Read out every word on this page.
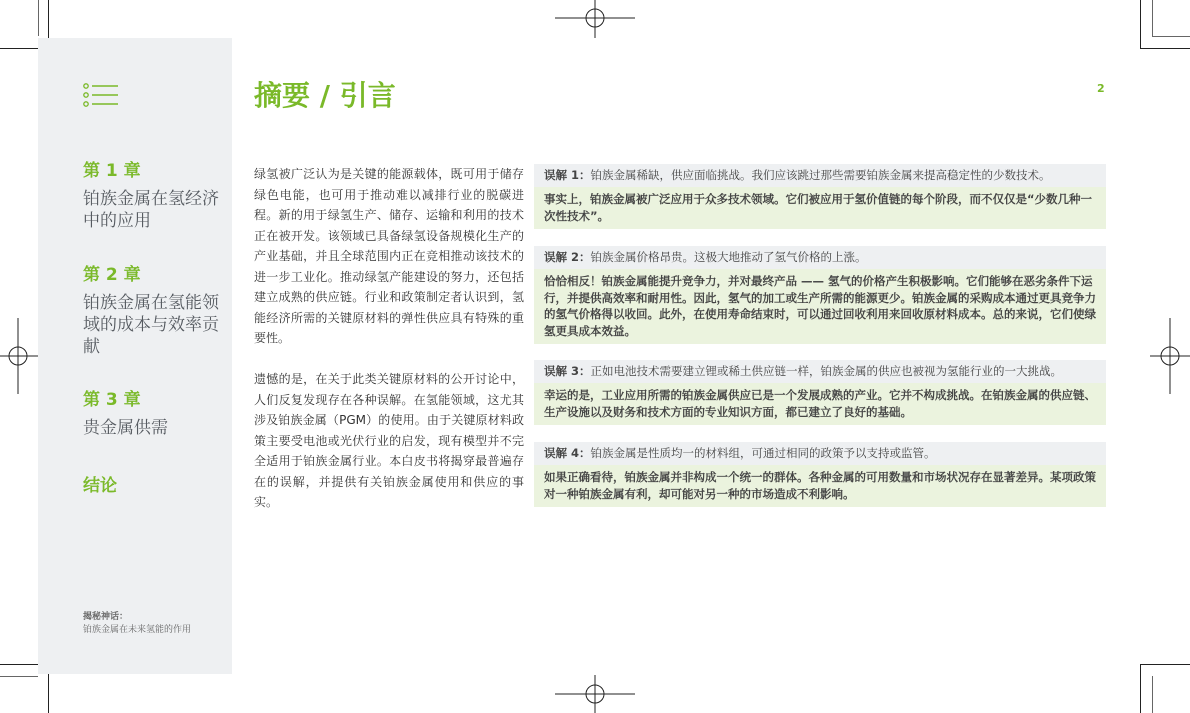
第 1 章
铂族金属在氢经济中的应用
第 2 章
铂族金属在氢能领域的成本与效率贡献
第 3 章
贵金属供需
结论
揭秘神话：
铂族金属在未来氢能的作用
摘要 / 引言	2
绿氢被广泛认为是关键的能源载体，既可用于储存绿色电能，也可用于推动难以减排行业的脱碳进程。新的用于绿氢生产、储存、运输和利用的技术正在被开发。该领域已具备绿氢设备规模化生产的产业基础，并且全球范围内正在竞相推动该技术的进一步工业化。推动绿氢产能建设的努力，还包括建立成熟的供应链。行业和政策制定者认识到，氢能经济所需的关键原材料的弹性供应具有特殊的重要性。
遗憾的是，在关于此类关键原材料的公开讨论中，人们反复发现存在各种误解。在氢能领域，这尤其涉及铂族金属（PGM）的使用。由于关键原材料政策主要受电池或光伏行业的启发，现有模型并不完全适用于铂族金属行业。本白皮书将揭穿最普遍存在的误解，并提供有关铂族金属使用和供应的事实。
误解 1：铂族金属稀缺，供应面临挑战。我们应该跳过那些需要铂族金属来提高稳定性的少数技术。
事实上，铂族金属被广泛应用于众多技术领域。它们被应用于氢价值链的每个阶段，而不仅仅是“少数几种一次性技术”。
误解 2：铂族金属价格昂贵。这极大地推动了氢气价格的上涨。
恰恰相反！铂族金属能提升竞争力，并对最终产品 —— 氢气的价格产生积极影响。它们能够在恶劣条件下运行，并提供高效率和耐用性。因此，氢气的加工或生产所需的能源更少。铂族金属的采购成本通过更具竞争力的氢气价格得以收回。此外，在使用寿命结束时，可以通过回收利用来回收原材料成本。总的来说，它们使绿氢更具成本效益。
误解 3：正如电池技术需要建立锂或稀土供应链一样，铂族金属的供应也被视为氢能行业的一大挑战。
幸运的是，工业应用所需的铂族金属供应已是一个发展成熟的产业。它并不构成挑战。在铂族金属的供应链、生产设施以及财务和技术方面的专业知识方面，都已建立了良好的基础。
误解 4：铂族金属是性质均一的材料组，可通过相同的政策予以支持或监管。
如果正确看待，铂族金属并非构成一个统一的群体。各种金属的可用数量和市场状况存在显著差异。某项政策对一种铂族金属有利，却可能对另一种的市场造成不利影响。
